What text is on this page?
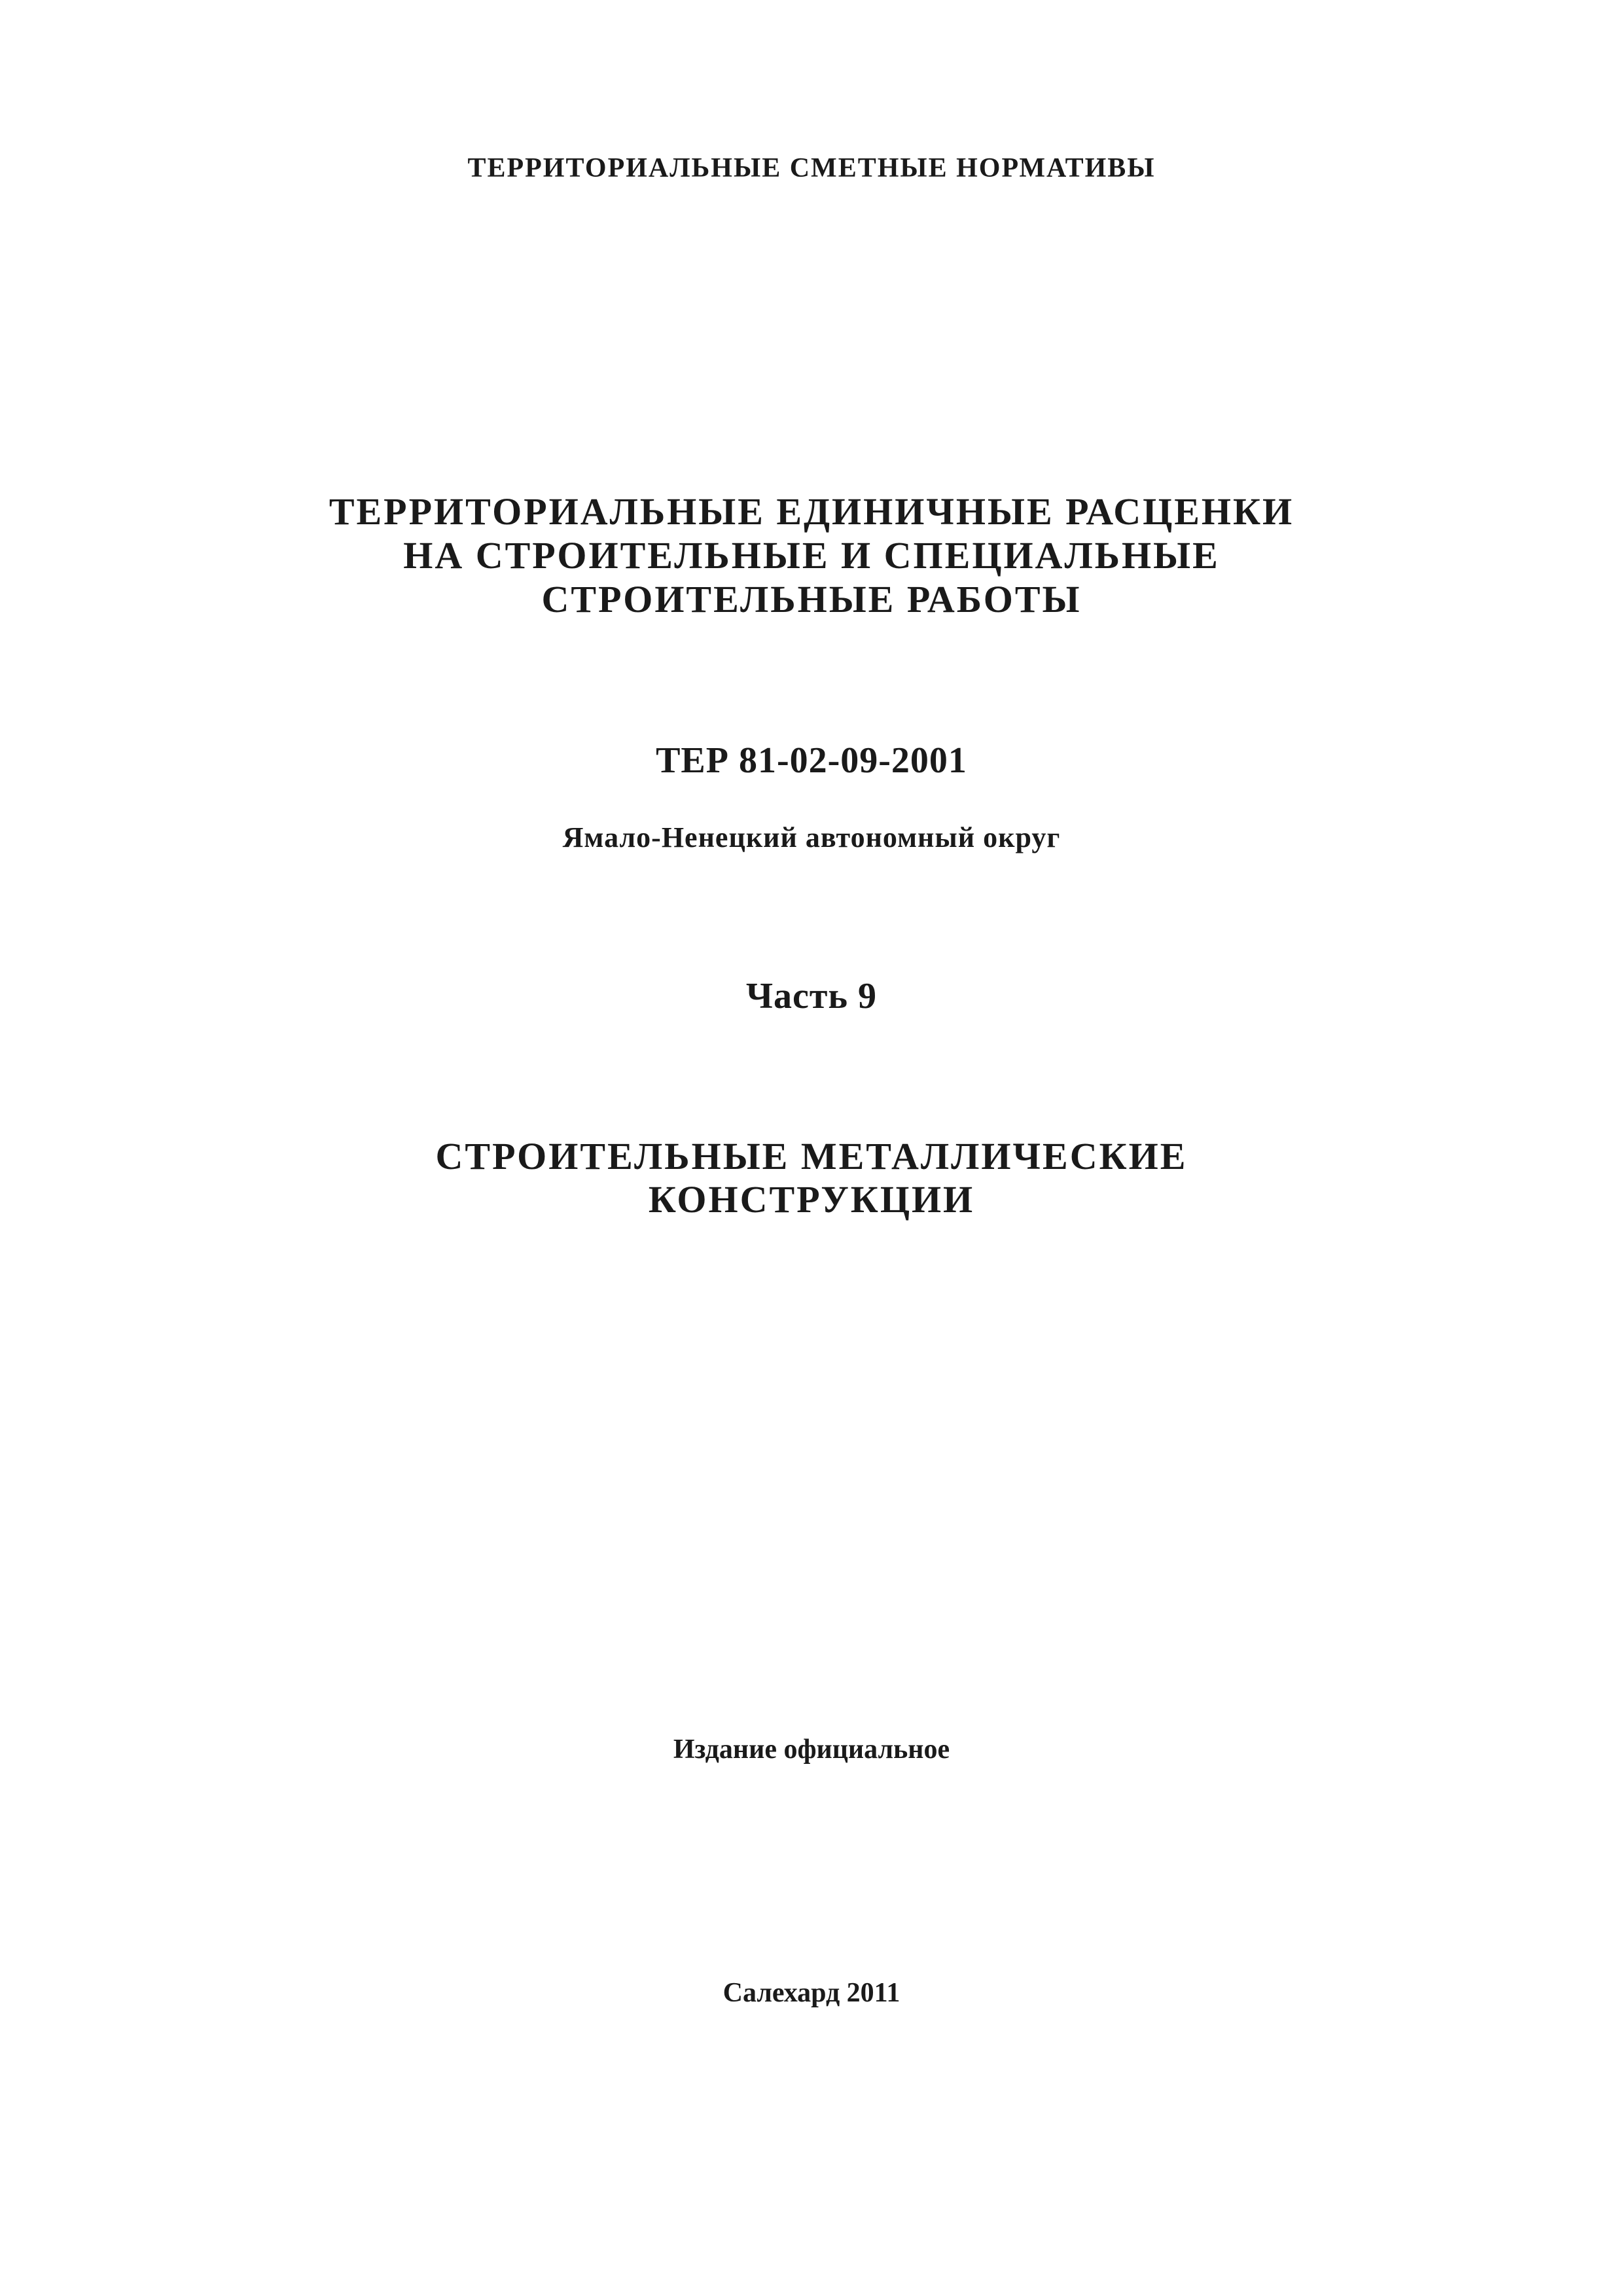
ТЕРРИТОРИАЛЬНЫЕ СМЕТНЫЕ НОРМАТИВЫ
ТЕРРИТОРИАЛЬНЫЕ ЕДИНИЧНЫЕ РАСЦЕНКИ
НА СТРОИТЕЛЬНЫЕ И СПЕЦИАЛЬНЫЕ
СТРОИТЕЛЬНЫЕ РАБОТЫ
ТЕР 81-02-09-2001
Ямало-Ненецкий автономный округ
Часть 9
СТРОИТЕЛЬНЫЕ МЕТАЛЛИЧЕСКИЕ
КОНСТРУКЦИИ
Издание официальное
Салехард 2011
